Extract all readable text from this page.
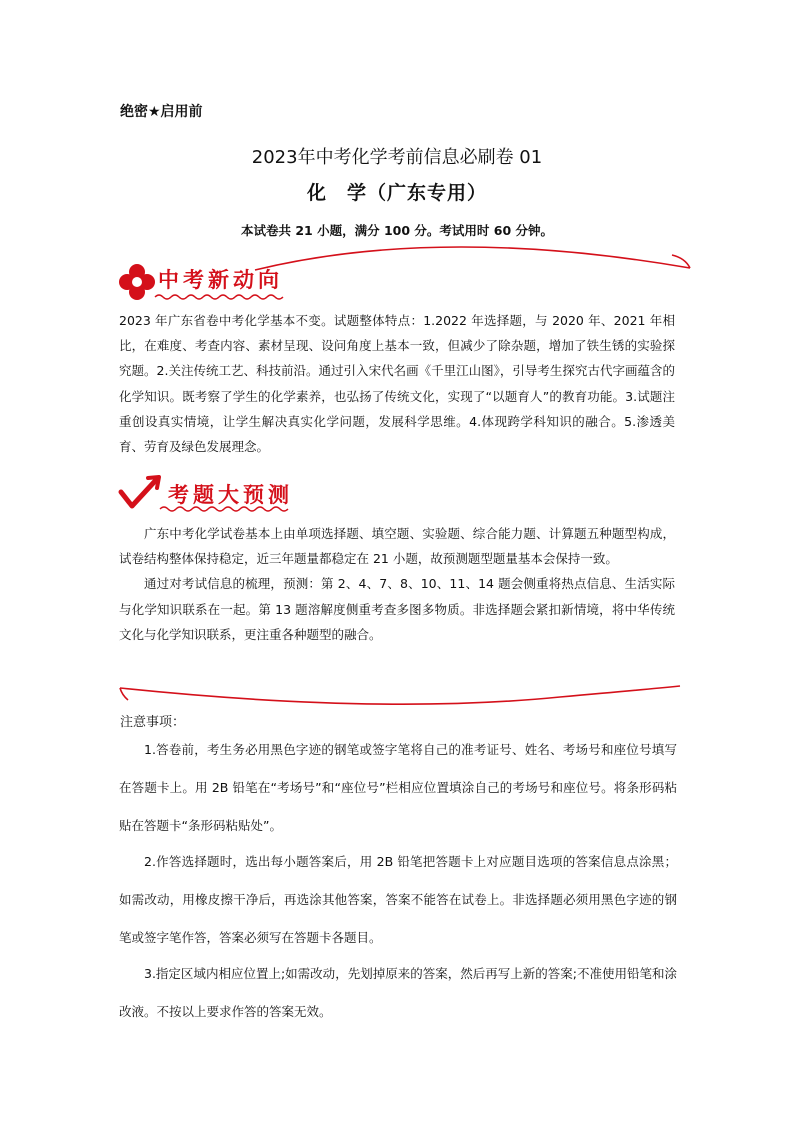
绝密★启用前
2023年中考化学考前信息必刷卷 01
化　学（广东专用）
本试卷共 21 小题，满分 100 分。考试用时 60 分钟。
中考新动向
2023 年广东省卷中考化学基本不变。试题整体特点：1.2022 年选择题，与 2020 年、2021 年相比，在难度、考查内容、素材呈现、设问角度上基本一致，但减少了除杂题，增加了铁生锈的实验探究题。2.关注传统工艺、科技前沿。通过引入宋代名画《千里江山图》，引导考生探究古代字画蕴含的化学知识。既考察了学生的化学素养，也弘扬了传统文化，实现了“以题育人”的教育功能。3.试题注重创设真实情境，让学生解决真实化学问题，发展科学思维。4.体现跨学科知识的融合。5.渗透美育、劳育及绿色发展理念。
考题大预测
广东中考化学试卷基本上由单项选择题、填空题、实验题、综合能力题、计算题五种题型构成，试卷结构整体保持稳定，近三年题量都稳定在 21 小题，故预测题型题量基本会保持一致。
通过对考试信息的梳理，预测：第 2、4、7、8、10、11、14 题会侧重将热点信息、生活实际与化学知识联系在一起。第 13 题溶解度侧重考查多图多物质。非选择题会紧扣新情境，将中华传统文化与化学知识联系，更注重各种题型的融合。
注意事项：
1.答卷前，考生务必用黑色字迹的钢笔或签字笔将自己的准考证号、姓名、考场号和座位号填写在答题卡上。用 2B 铅笔在“考场号”和“座位号”栏相应位置填涂自己的考场号和座位号。将条形码粘贴在答题卡“条形码粘贴处”。
2.作答选择题时，选出每小题答案后，用 2B 铅笔把答题卡上对应题目选项的答案信息点涂黑；如需改动，用橡皮擦干净后，再选涂其他答案，答案不能答在试卷上。非选择题必须用黑色字迹的钢笔或签字笔作答，答案必须写在答题卡各题目。
3.指定区域内相应位置上;如需改动，先划掉原来的答案，然后再写上新的答案;不准使用铅笔和涂改液。不按以上要求作答的答案无效。
